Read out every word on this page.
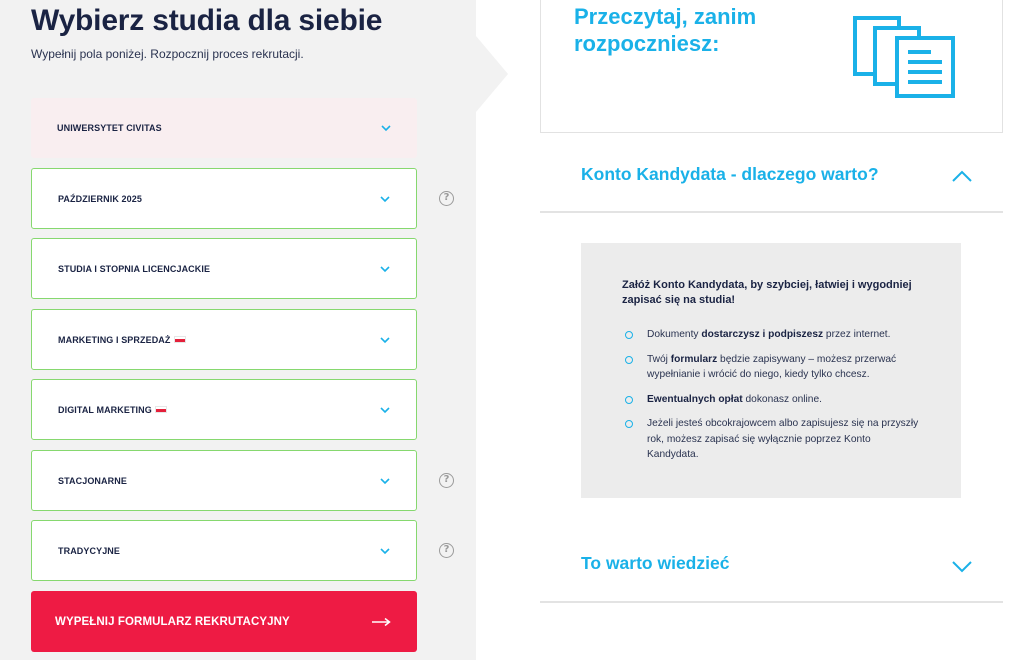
Wybierz studia dla siebie

Wypełnij pola poniżej. Rozpocznij proces rekrutacji.

UNIWERSYTET CIVITAS
PAŹDZIERNIK 2025	?
STUDIA I STOPNIA LICENCJACKIE
MARKETING I SPRZEDAŻ
DIGITAL MARKETING
STACJONARNE	?
TRADYCYJNE	?
WYPEŁNIJ FORMULARZ REKRUTACYJNY
Przeczytaj, zanim rozpoczniesz:
Konto Kandydata - dlaczego warto?
Załóż Konto Kandydata, by szybciej, łatwiej i wygodniej zapisać się na studia!
Dokumenty dostarczysz i podpiszesz przez internet.
Twój formularz będzie zapisywany – możesz przerwać wypełnianie i wrócić do niego, kiedy tylko chcesz.
Ewentualnych opłat dokonasz online.
Jeżeli jesteś obcokrajowcem albo zapisujesz się na przyszły rok, możesz zapisać się wyłącznie poprzez Konto Kandydata.
To warto wiedzieć
